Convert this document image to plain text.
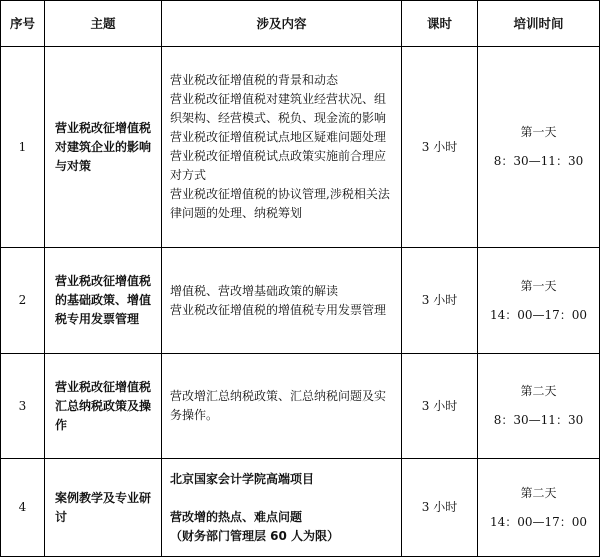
序号	主题	涉及内容	课时	培训时间
1	营业税改征增值税对建筑企业的影响与对策	营业税改征增值税的背景和动态
营业税改征增值税对建筑业经营状况、组织架构、经营模式、税负、现金流的影响
营业税改征增值税试点地区疑难问题处理
营业税改征增值税试点政策实施前合理应对方式
营业税改征增值税的协议管理,涉税相关法律问题的处理、纳税筹划	3 小时	第一天
8：30—11：30

2	营业税改征增值税的基础政策、增值税专用发票管理	增值税、营改增基础政策的解读
营业税改征增值税的增值税专用发票管理	3 小时	第一天
14：00—17：00

3	营业税改征增值税汇总纳税政策及操作	营改增汇总纳税政策、汇总纳税问题及实务操作。	3 小时	第二天
8：30—11：30

4	案例教学及专业研讨	北京国家会计学院高端项目
营改增的热点、难点问题
（财务部门管理层 60 人为限）	3 小时	第二天
14：00—17：00
